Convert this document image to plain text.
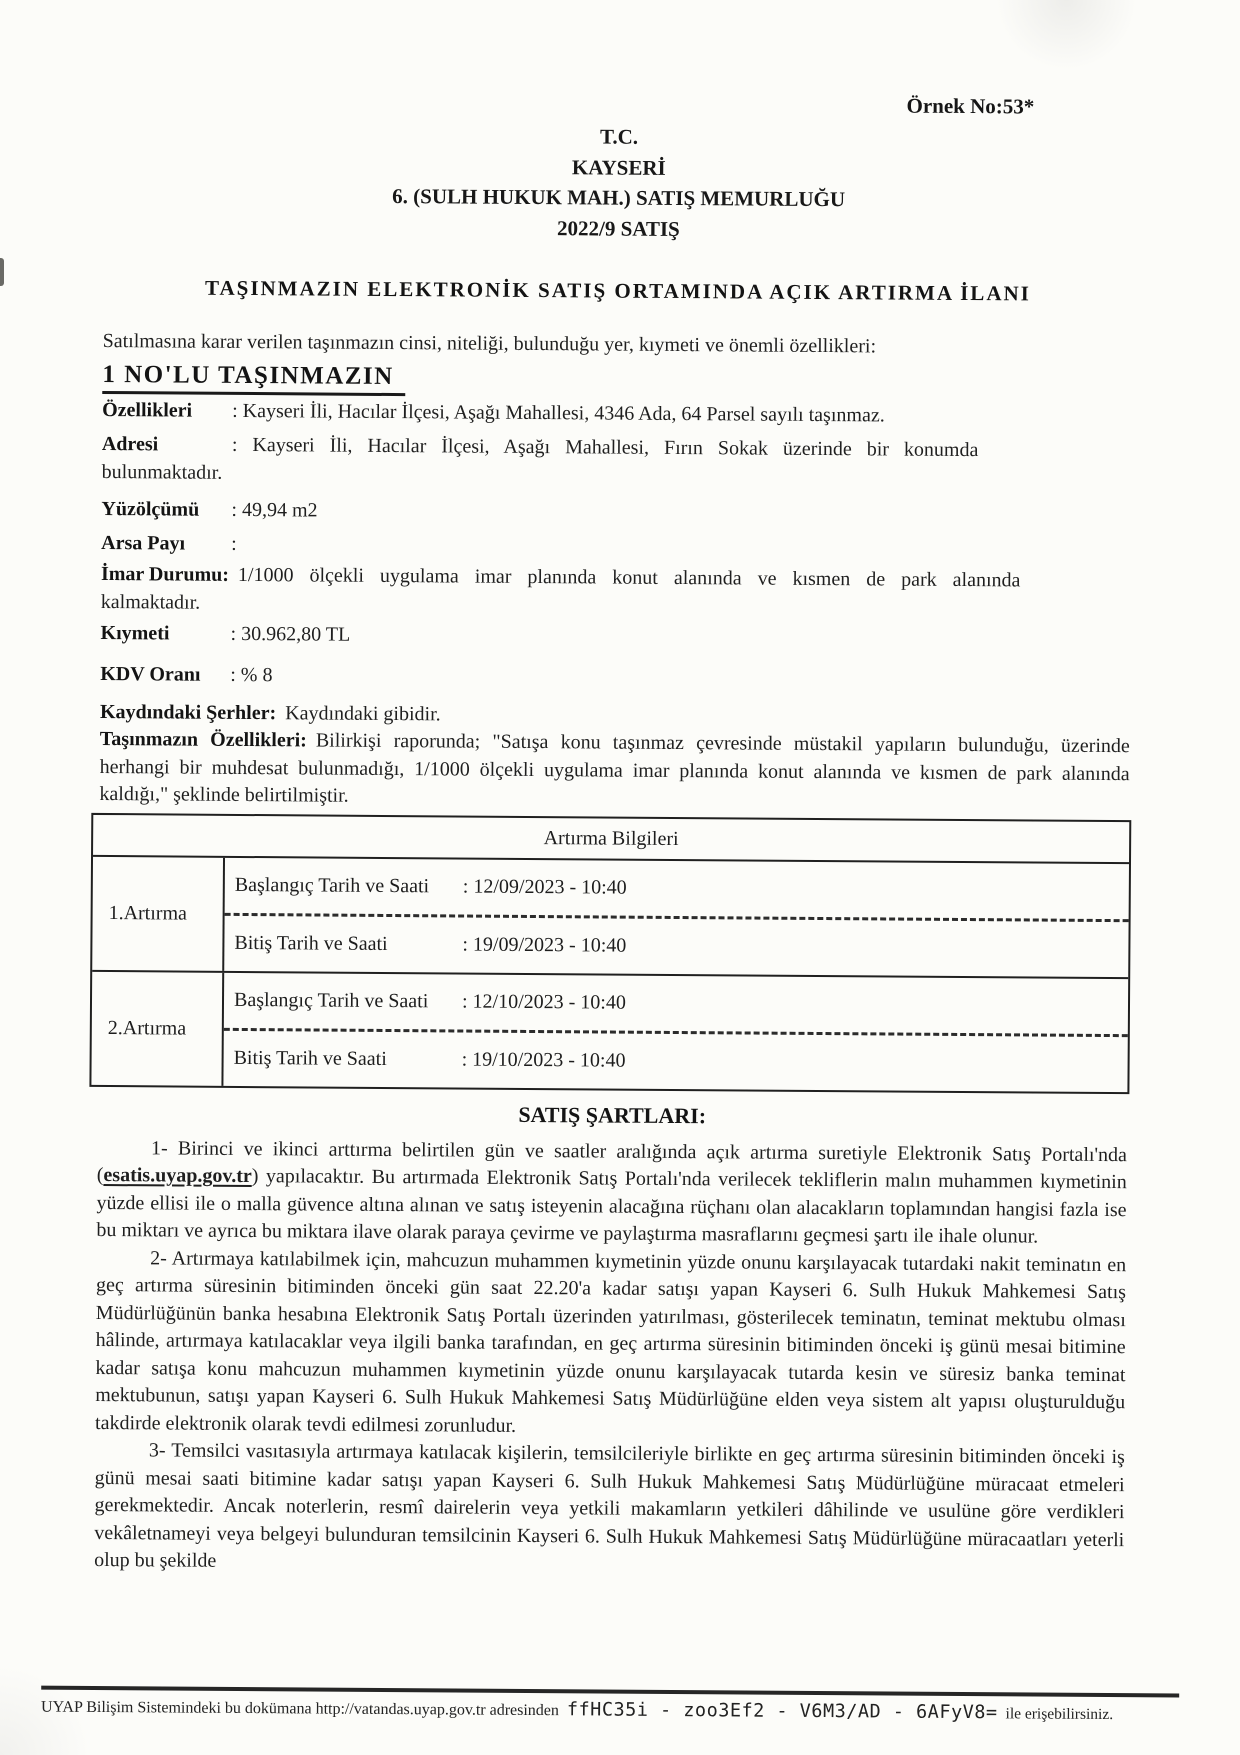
Örnek No:53*
T.C.
KAYSERİ
6. (SULH HUKUK MAH.) SATIŞ MEMURLUĞU
2022/9 SATIŞ
TAŞINMAZIN ELEKTRONİK SATIŞ ORTAMINDA AÇIK ARTIRMA İLANI
Satılmasına karar verilen taşınmazın cinsi, niteliği, bulunduğu yer, kıymeti ve önemli özellikleri:
1 NO'LU TAŞINMAZIN
Özellikleri : Kayseri İli, Hacılar İlçesi, Aşağı Mahallesi, 4346 Ada, 64 Parsel sayılı taşınmaz.
Adresi	: Kayseri İli, Hacılar İlçesi, Aşağı Mahallesi, Fırın Sokak üzerinde bir konumda
bulunmaktadır.
Yüzölçümü : 49,94 m2
Arsa Payı :
İmar Durumu: 1/1000 ölçekli uygulama imar planında konut alanında ve kısmen de park alanında
kalmaktadır.
Kıymeti	: 30.962,80 TL
KDV Oranı : % 8
Kaydındaki Şerhler: Kaydındaki gibidir.
Taşınmazın Özellikleri: Bilirkişi raporunda; "Satışa konu taşınmaz çevresinde müstakil yapıların bulunduğu, üzerinde herhangi bir muhdesat bulunmadığı, 1/1000 ölçekli uygulama imar planında konut alanında ve kısmen de park alanında kaldığı," şeklinde belirtilmiştir.
Artırma Bilgileri
1.Artırma
Başlangıç Tarih ve Saati	: 12/09/2023 - 10:40
Bitiş Tarih ve Saati	: 19/09/2023 - 10:40
2.Artırma
Başlangıç Tarih ve Saati	: 12/10/2023 - 10:40
Bitiş Tarih ve Saati	: 19/10/2023 - 10:40
SATIŞ ŞARTLARI:

1- Birinci ve ikinci arttırma belirtilen gün ve saatler aralığında açık artırma suretiyle Elektronik Satış Portalı'nda (esatis.uyap.gov.tr) yapılacaktır. Bu artırmada Elektronik Satış Portalı'nda verilecek tekliflerin malın muhammen kıymetinin yüzde ellisi ile o malla güvence altına alınan ve satış isteyenin alacağına rüçhanı olan alacakların toplamından hangisi fazla ise bu miktarı ve ayrıca bu miktara ilave olarak paraya çevirme ve paylaştırma masraflarını geçmesi şartı ile ihale olunur.

2- Artırmaya katılabilmek için, mahcuzun muhammen kıymetinin yüzde onunu karşılayacak tutardaki nakit teminatın en geç artırma süresinin bitiminden önceki gün saat 22.20'a kadar satışı yapan Kayseri 6. Sulh Hukuk Mahkemesi Satış Müdürlüğünün banka hesabına Elektronik Satış Portalı üzerinden yatırılması, gösterilecek teminatın, teminat mektubu olması hâlinde, artırmaya katılacaklar veya ilgili banka tarafından, en geç artırma süresinin bitiminden önceki iş günü mesai bitimine kadar satışa konu mahcuzun muhammen kıymetinin yüzde onunu karşılayacak tutarda kesin ve süresiz banka teminat mektubunun, satışı yapan Kayseri 6. Sulh Hukuk Mahkemesi Satış Müdürlüğüne elden veya sistem alt yapısı oluşturulduğu takdirde elektronik olarak tevdi edilmesi zorunludur.

3- Temsilci vasıtasıyla artırmaya katılacak kişilerin, temsilcileriyle birlikte en geç artırma süresinin bitiminden önceki iş günü mesai saati bitimine kadar satışı yapan Kayseri 6. Sulh Hukuk Mahkemesi Satış Müdürlüğüne müracaat etmeleri gerekmektedir. Ancak noterlerin, resmî dairelerin veya yetkili makamların yetkileri dâhilinde ve usulüne göre verdikleri vekâletnameyi veya belgeyi bulunduran temsilcinin Kayseri 6. Sulh Hukuk Mahkemesi Satış Müdürlüğüne müracaatları yeterli olup bu şekilde

UYAP Bilişim Sistemindeki bu dokümana http://vatandas.uyap.gov.tr adresinden ffHC35i - zoo3Ef2 - V6M3/AD - 6AFyV8= ile erişebilirsiniz.
